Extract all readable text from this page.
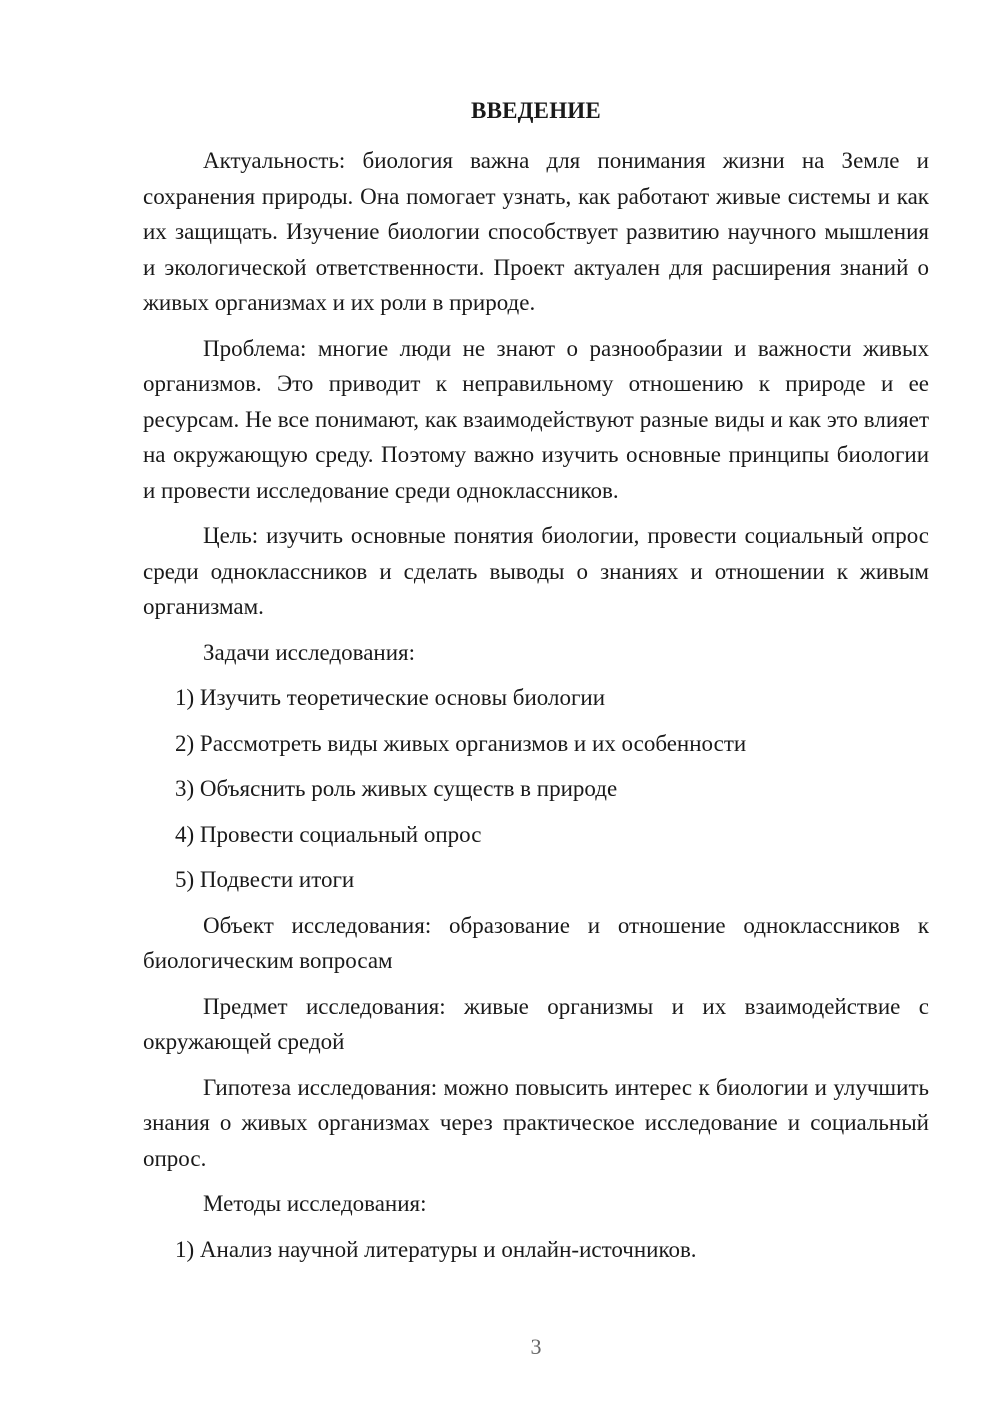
ВВЕДЕНИЕ

Актуальность: биология важна для понимания жизни на Земле и сохранения природы. Она помогает узнать, как работают живые системы и как их защищать. Изучение биологии способствует развитию научного мышления и экологической ответственности. Проект актуален для расширения знаний о живых организмах и их роли в природе.

Проблема: многие люди не знают о разнообразии и важности живых организмов. Это приводит к неправильному отношению к природе и ее ресурсам. Не все понимают, как взаимодействуют разные виды и как это влияет на окружающую среду. Поэтому важно изучить основные принципы биологии и провести исследование среди одноклассников.

Цель: изучить основные понятия биологии, провести социальный опрос среди одноклассников и сделать выводы о знаниях и отношении к живым организмам.

Задачи исследования:

1) Изучить теоретические основы биологии

2) Рассмотреть виды живых организмов и их особенности

3) Объяснить роль живых существ в природе

4) Провести социальный опрос

5) Подвести итоги

Объект исследования: образование и отношение одноклассников к биологическим вопросам

Предмет исследования: живые организмы и их взаимодействие с окружающей средой

Гипотеза исследования: можно повысить интерес к биологии и улучшить знания о живых организмах через практическое исследование и социальный опрос.

Методы исследования:

1) Анализ научной литературы и онлайн-источников.

3
